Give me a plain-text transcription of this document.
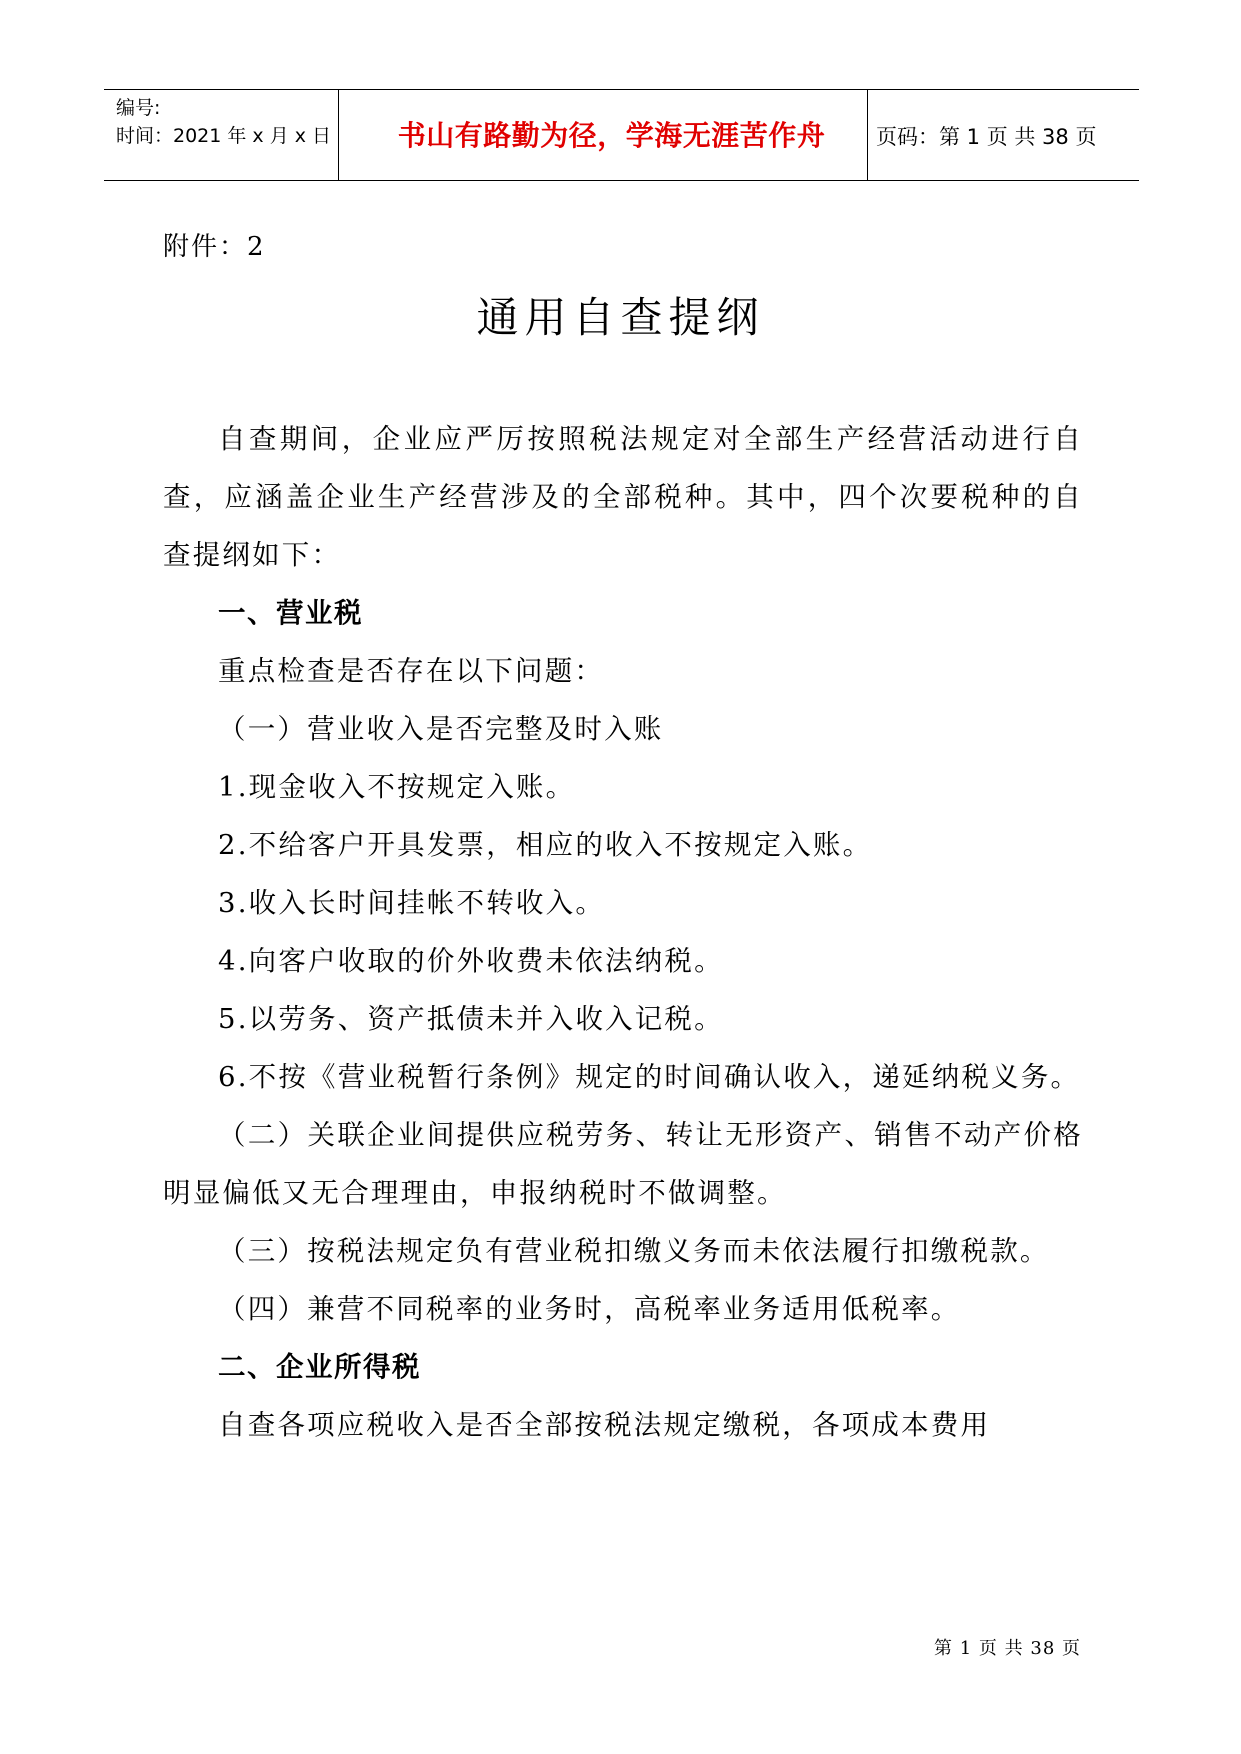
编号:
时间：2021 年 x 月 x 日	书山有路勤为径，学海无涯苦作舟	页码：第 1 页 共 38 页
附件：2
通用自查提纲

自查期间，企业应严厉按照税法规定对全部生产经营活动进行自查，应涵盖企业生产经营涉及的全部税种。其中，四个次要税种的自查提纲如下：

一、营业税

重点检查是否存在以下问题：

（一）营业收入是否完整及时入账

1.现金收入不按规定入账。

2.不给客户开具发票，相应的收入不按规定入账。

3.收入长时间挂帐不转收入。

4.向客户收取的价外收费未依法纳税。

5.以劳务、资产抵债未并入收入记税。

6.不按《营业税暂行条例》规定的时间确认收入，递延纳税义务。

（二）关联企业间提供应税劳务、转让无形资产、销售不动产价格明显偏低又无合理理由，申报纳税时不做调整。

（三）按税法规定负有营业税扣缴义务而未依法履行扣缴税款。

（四）兼营不同税率的业务时，高税率业务适用低税率。

二、企业所得税

自查各项应税收入是否全部按税法规定缴税，各项成本费用

第 1 页 共 38 页
